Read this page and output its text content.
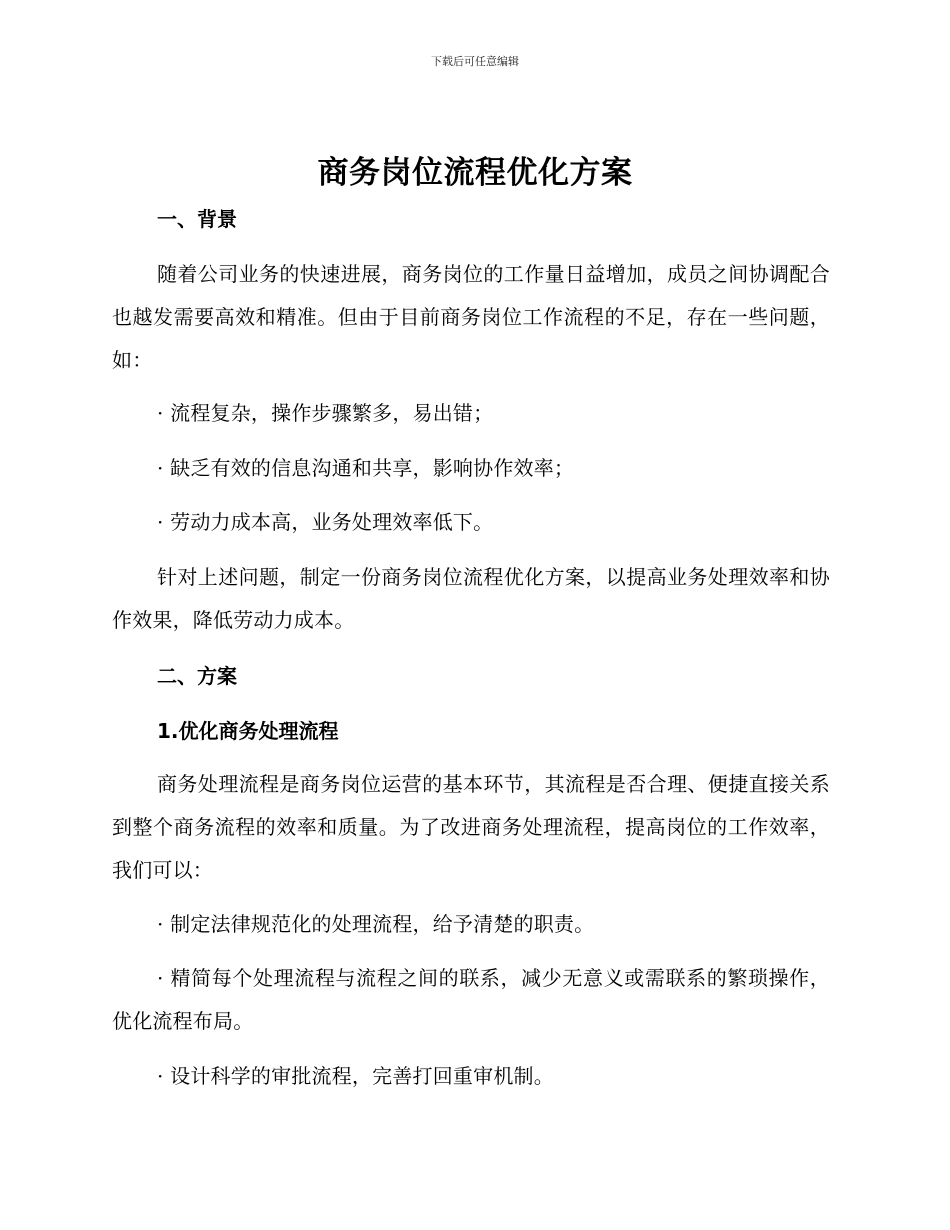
下载后可任意编辑
商务岗位流程优化方案
一、背景
随着公司业务的快速进展，商务岗位的工作量日益增加，成员之间协调配合也越发需要高效和精准。但由于目前商务岗位工作流程的不足，存在一些问题，如：
· 流程复杂，操作步骤繁多，易出错；
· 缺乏有效的信息沟通和共享，影响协作效率；
· 劳动力成本高，业务处理效率低下。
针对上述问题，制定一份商务岗位流程优化方案，以提高业务处理效率和协作效果，降低劳动力成本。
二、方案
1.优化商务处理流程
商务处理流程是商务岗位运营的基本环节，其流程是否合理、便捷直接关系到整个商务流程的效率和质量。为了改进商务处理流程，提高岗位的工作效率，我们可以：
· 制定法律规范化的处理流程，给予清楚的职责。
· 精简每个处理流程与流程之间的联系，减少无意义或需联系的繁琐操作，优化流程布局。
· 设计科学的审批流程，完善打回重审机制。
